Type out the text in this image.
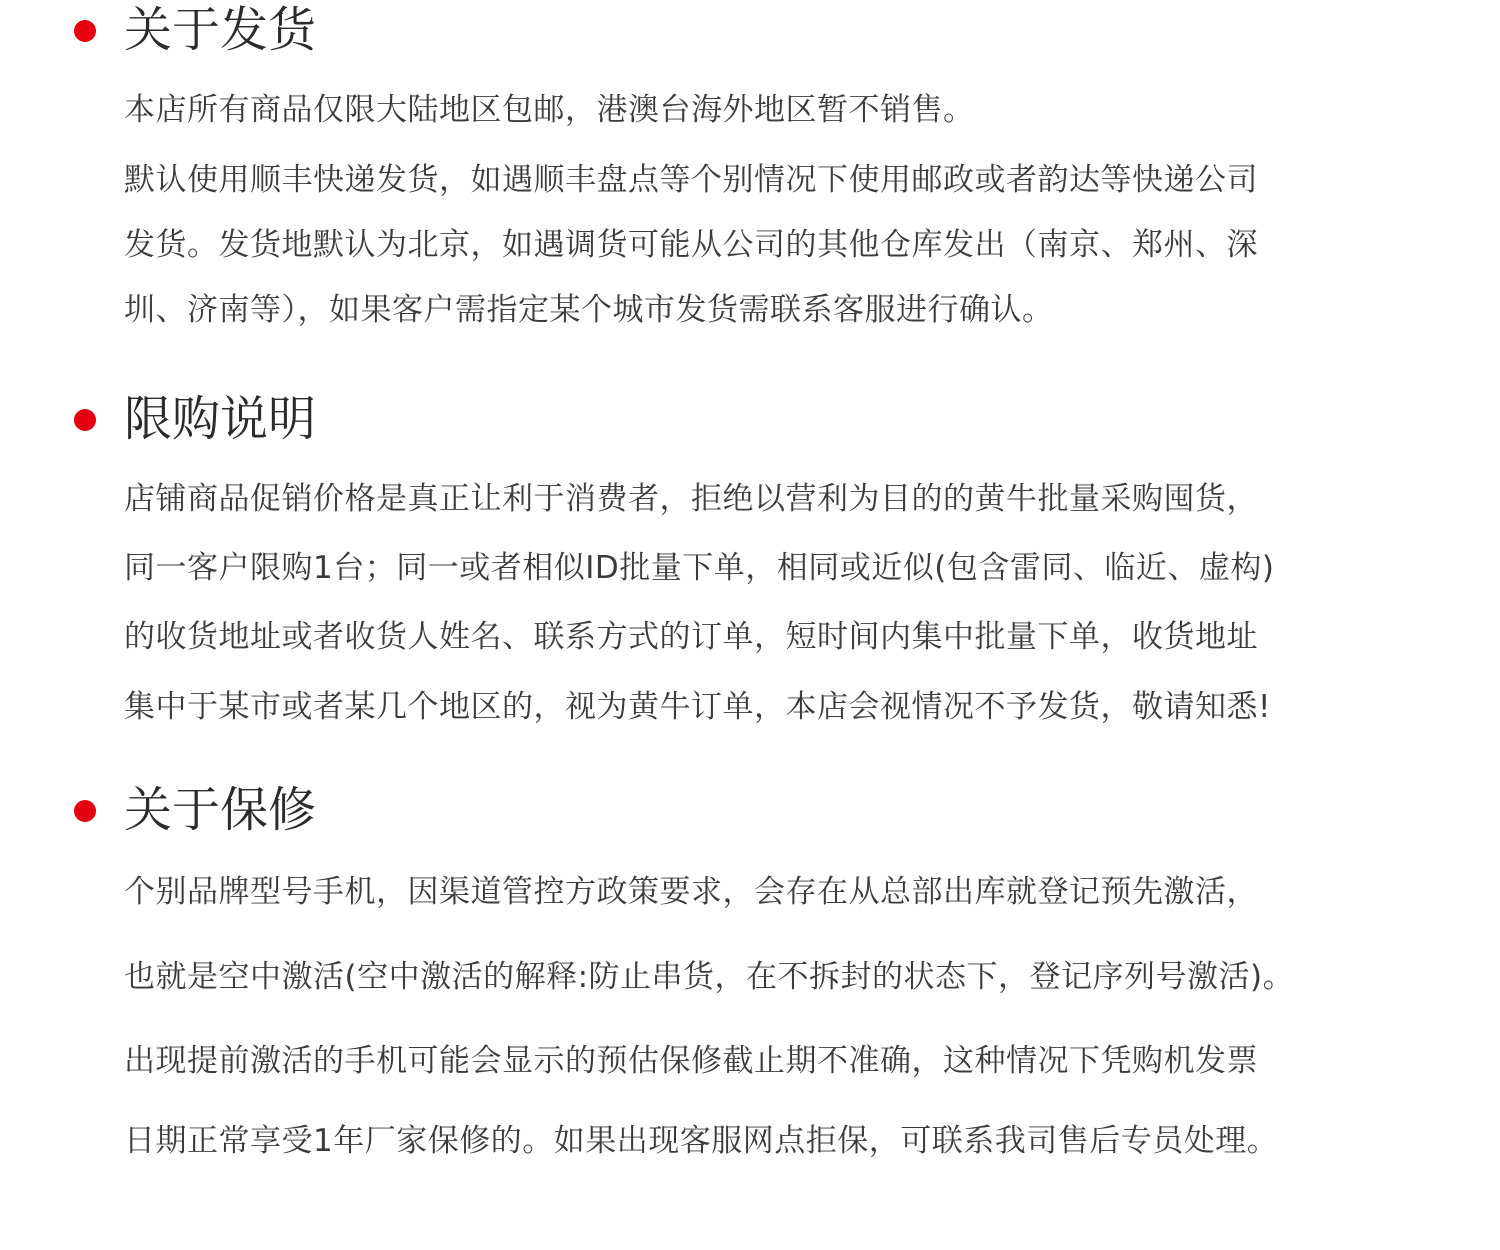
关于发货
本店所有商品仅限大陆地区包邮，港澳台海外地区暂不销售。
默认使用顺丰快递发货，如遇顺丰盘点等个别情况下使用邮政或者韵达等快递公司
发货。发货地默认为北京，如遇调货可能从公司的其他仓库发出（南京、郑州、深
圳、济南等），如果客户需指定某个城市发货需联系客服进行确认。
限购说明
店铺商品促销价格是真正让利于消费者，拒绝以营利为目的的黄牛批量采购囤货，
同一客户限购1台；同一或者相似ID批量下单，相同或近似(包含雷同、临近、虚构)
的收货地址或者收货人姓名、联系方式的订单，短时间内集中批量下单，收货地址
集中于某市或者某几个地区的，视为黄牛订单，本店会视情况不予发货，敬请知悉!
关于保修
个别品牌型号手机，因渠道管控方政策要求，会存在从总部出库就登记预先激活，
也就是空中激活(空中激活的解释:防止串货，在不拆封的状态下，登记序列号激活)。
出现提前激活的手机可能会显示的预估保修截止期不准确，这种情况下凭购机发票
日期正常享受1年厂家保修的。如果出现客服网点拒保，可联系我司售后专员处理。
